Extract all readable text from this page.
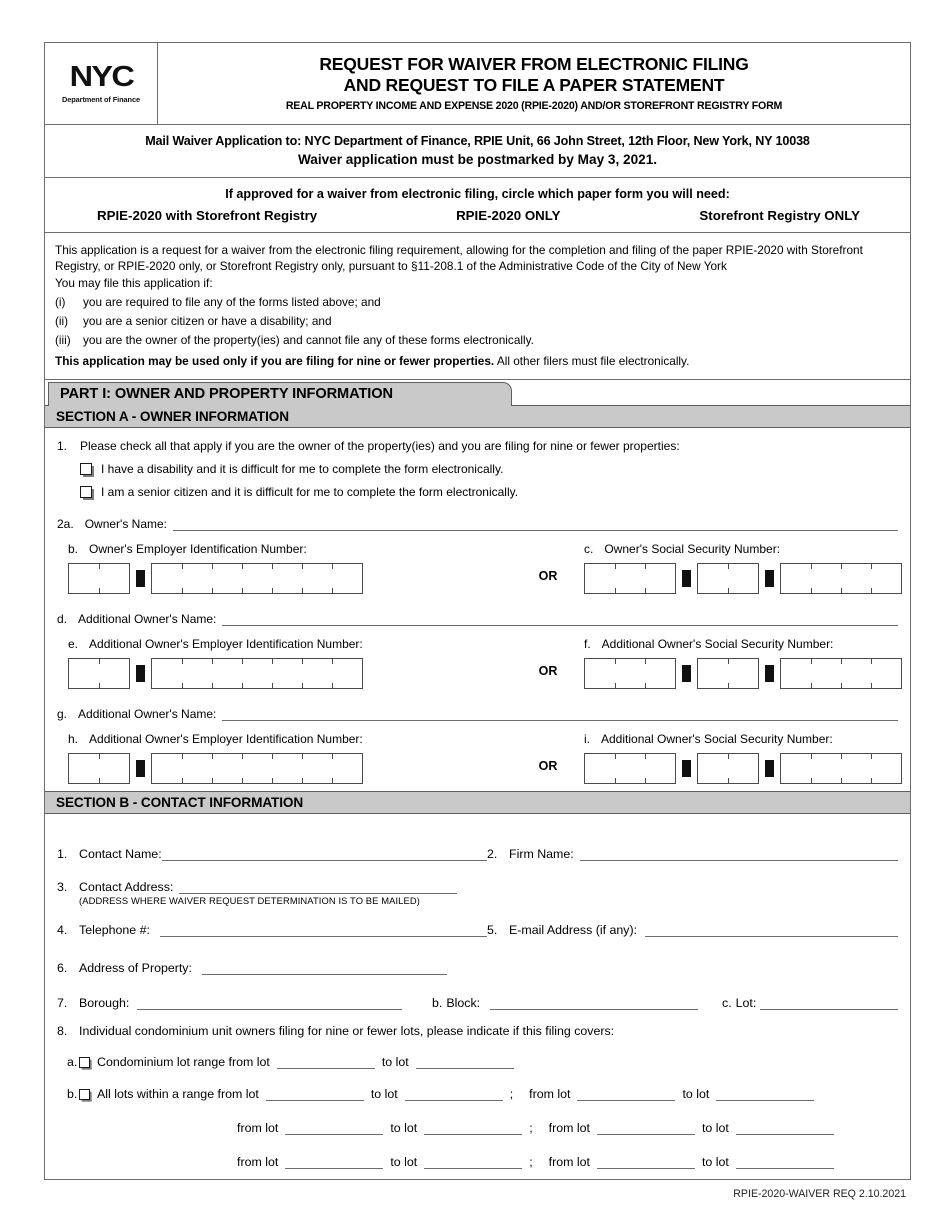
NYC
Department of Finance
REQUEST FOR WAIVER FROM ELECTRONIC FILING
AND REQUEST TO FILE A PAPER STATEMENT
REAL PROPERTY INCOME AND EXPENSE 2020 (RPIE-2020) AND/OR STOREFRONT REGISTRY FORM
Mail Waiver Application to: NYC Department of Finance, RPIE Unit, 66 John Street, 12th Floor, New York, NY 10038
Waiver application must be postmarked by May 3, 2021.
If approved for a waiver from electronic filing, circle which paper form you will need:
RPIE-2020 with Storefront Registry	RPIE-2020 ONLY	Storefront Registry ONLY

This application is a request for a waiver from the electronic filing requirement, allowing for the completion and filing of the paper RPIE-2020 with Storefront Registry, or RPIE-2020 only, or Storefront Registry only, pursuant to §11-208.1 of the Administrative Code of the City of New York

You may file this application if:

(i)	you are required to file any of the forms listed above; and
(ii)	you are a senior citizen or have a disability; and
(iii)	you are the owner of the property(ies) and cannot file any of these forms electronically.
This application may be used only if you are filing for nine or fewer properties. All other filers must file electronically.
PART I: OWNER AND PROPERTY INFORMATION
SECTION A - OWNER INFORMATION
1.	Please check all that apply if you are the owner of the property(ies) and you are filing for nine or fewer properties:
I have a disability and it is difficult for me to complete the form electronically.
I am a senior citizen and it is difficult for me to complete the form electronically.
2a. Owner's Name:
b. Owner's Employer Identification Number:
OR
c. Owner's Social Security Number:
d. Additional Owner's Name:
e. Additional Owner's Employer Identification Number:
OR
f. Additional Owner's Social Security Number:
g. Additional Owner's Name:
h. Additional Owner's Employer Identification Number:
OR
i. Additional Owner's Social Security Number:
SECTION B - CONTACT INFORMATION
1. Contact Name:	2. Firm Name:
3. Contact Address:
(ADDRESS WHERE WAIVER REQUEST DETERMINATION IS TO BE MAILED)
4. Telephone #:	5. E-mail Address (if any):
6. Address of Property:
7. Borough:	b. Block:	c. Lot:
8. Individual condominium unit owners filing for nine or fewer lots, please indicate if this filing covers:
a. Condominium lot range from lot	to lot
b. All lots within a range from lot	to lot	; from lot	to lot
from lot	to lot	; from lot	to lot
from lot	to lot	; from lot	to lot
RPIE-2020-WAIVER REQ 2.10.2021
